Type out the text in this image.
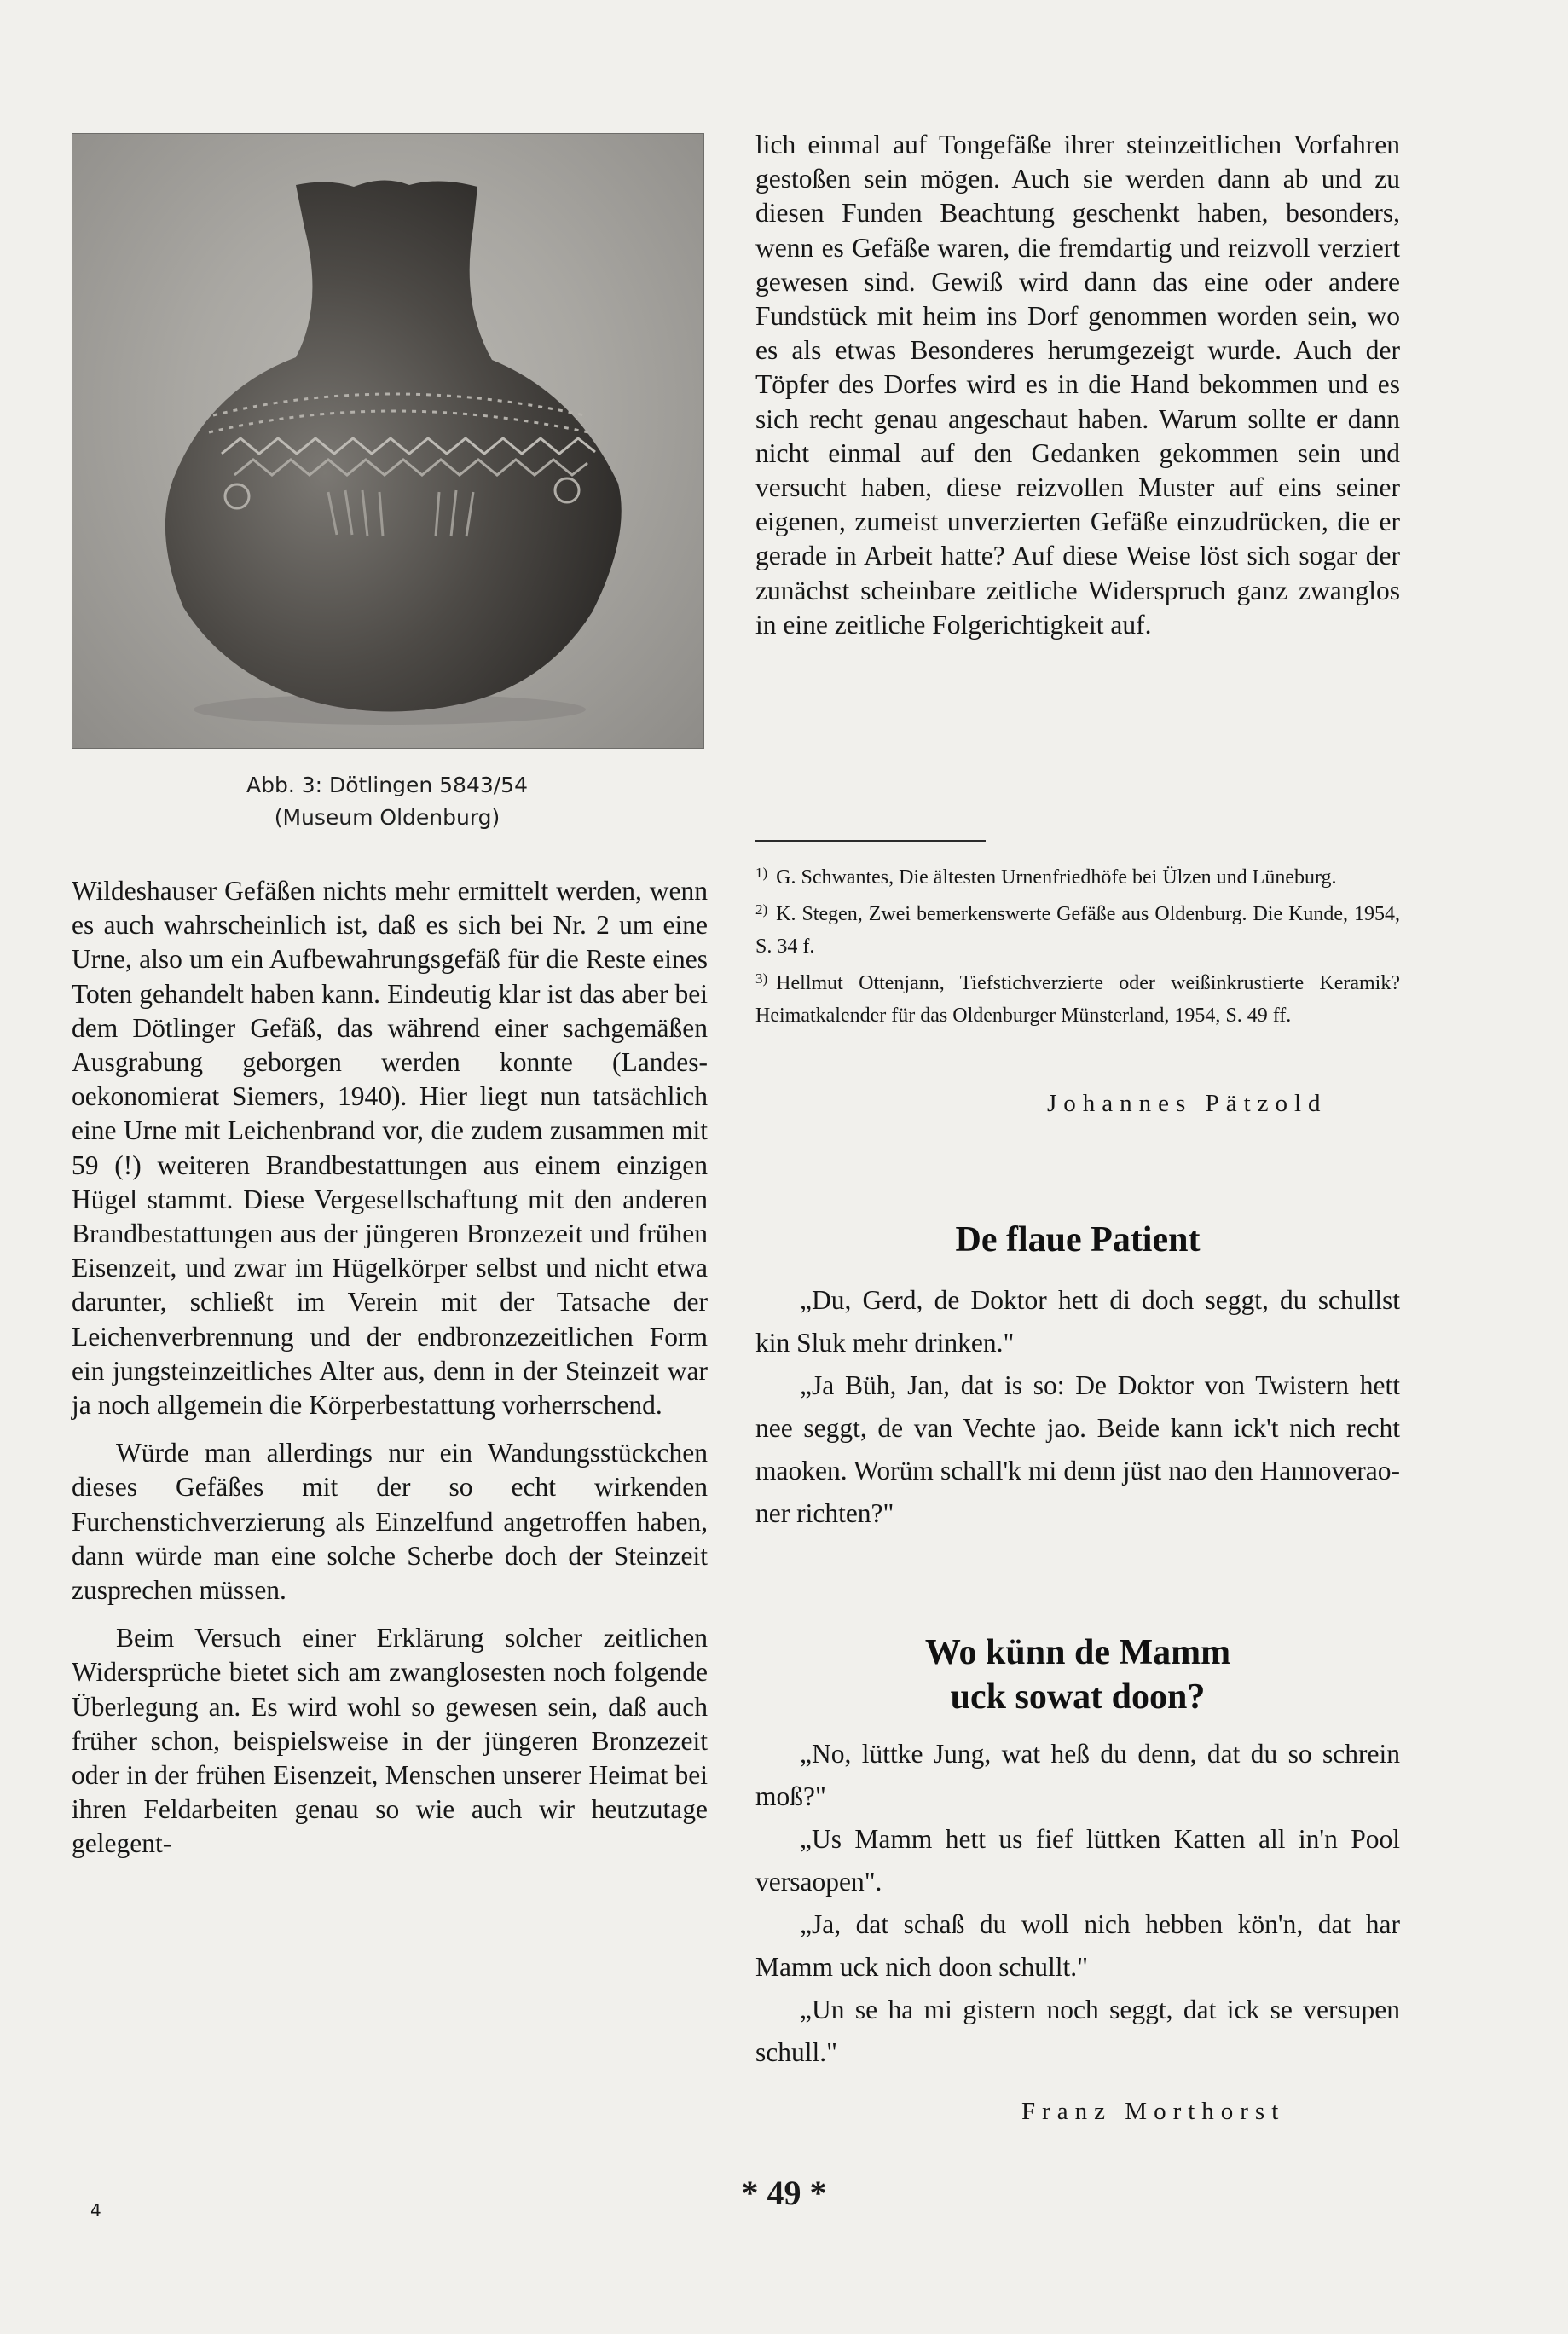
Abb. 3: Dötlingen 5843/54
(Museum Oldenburg)

Wildeshauser Gefäßen nichts mehr ermittelt werden, wenn es auch wahrscheinlich ist, daß es sich bei Nr. 2 um eine Urne, also um ein Aufbewahrungsgefäß für die Reste eines Toten gehandelt haben kann. Eindeutig klar ist das aber bei dem Dötlinger Gefäß, das während einer sachgemäßen Ausgrabung geborgen werden konnte (Landesoekonomierat Siemers, 1940). Hier liegt nun tatsächlich eine Urne mit Leichenbrand vor, die zudem zusammen mit 59 (!) weiteren Brandbestattungen aus einem einzigen Hügel stammt. Diese Vergesellschaftung mit den anderen Brandbestattungen aus der jüngeren Bronzezeit und frühen Eisenzeit, und zwar im Hügelkörper selbst und nicht etwa darunter, schließt im Verein mit der Tatsache der Leichenverbrennung und der endbronzezeitlichen Form ein jungsteinzeitliches Alter aus, denn in der Steinzeit war ja noch allgemein die Körperbestattung vorherrschend.

Würde man allerdings nur ein Wandungsstückchen dieses Gefäßes mit der so echt wirkenden Furchenstichverzierung als Einzelfund angetroffen haben, dann würde man eine solche Scherbe doch der Steinzeit zusprechen müssen.

Beim Versuch einer Erklärung solcher zeitlichen Widersprüche bietet sich am zwanglosesten noch folgende Überlegung an. Es wird wohl so gewesen sein, daß auch früher schon, beispielsweise in der jüngeren Bronzezeit oder in der frühen Eisenzeit, Menschen unserer Heimat bei ihren Feldarbeiten genau so wie auch wir heutzutage gelegent-

lich einmal auf Tongefäße ihrer steinzeitlichen Vorfahren gestoßen sein mögen. Auch sie werden dann ab und zu diesen Funden Beachtung geschenkt haben, besonders, wenn es Gefäße waren, die fremdartig und reizvoll verziert gewesen sind. Gewiß wird dann das eine oder andere Fundstück mit heim ins Dorf genommen worden sein, wo es als etwas Besonderes herumgezeigt wurde. Auch der Töpfer des Dorfes wird es in die Hand bekommen und es sich recht genau angeschaut haben. Warum sollte er dann nicht einmal auf den Gedanken gekommen sein und versucht haben, diese reizvollen Muster auf eins seiner eigenen, zumeist unverzierten Gefäße einzudrücken, die er gerade in Arbeit hatte? Auf diese Weise löst sich sogar der zunächst scheinbare zeitliche Widerspruch ganz zwanglos in eine zeitliche Folgerichtigkeit auf.

$^{1)}$ G. Schwantes, Die ältesten Urnenfriedhöfe bei Ülzen und Lüneburg.

$^{2)}$ K. Stegen, Zwei bemerkenswerte Gefäße aus Oldenburg. Die Kunde, 1954, S. 34 f.

$^{3)}$ Hellmut Ottenjann, Tiefstichverzierte oder weißinkrustierte Keramik? Heimatkalender für das Oldenburger Münsterland, 1954, S. 49 ff.

Johannes Pätzold
De flaue Patient

„Du, Gerd, de Doktor hett di doch seggt, du schullst kin Sluk mehr drinken."

„Ja Büh, Jan, dat is so: De Doktor von Twistern hett nee seggt, de van Vechte jao. Beide kann ick't nich recht maoken. Worüm schall'k mi denn jüst nao den Hannoveraoner richten?"

Wo künn de Mamm
uck sowat doon?

„No, lüttke Jung, wat heß du denn, dat du so schrein moß?"

„Us Mamm hett us fief lüttken Katten all in'n Pool versaopen".

„Ja, dat schaß du woll nich hebben kön'n, dat har Mamm uck nich doon schullt."

„Un se ha mi gistern noch seggt, dat ick se versupen schull."

Franz Morthorst
* 49 *
4
